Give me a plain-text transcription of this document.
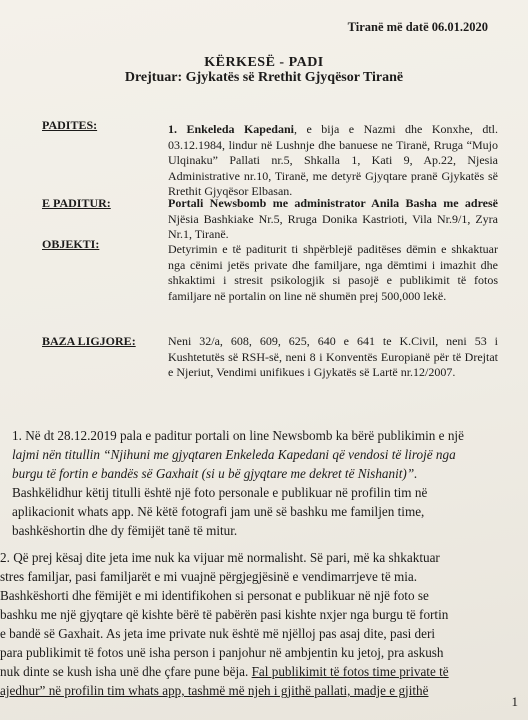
Tiranë më datë 06.01.2020
KËRKESË - PADI
Drejtuar: Gjykatës së Rrethit Gjyqësor Tiranë
PADITES:	1. Enkeleda Kapedani, e bija e Nazmi dhe Konxhe, dtl. 03.12.1984, lindur në Lushnje dhe banuese ne Tiranë, Rruga “Mujo Ulqinaku” Pallati nr.5, Shkalla 1, Kati 9, Ap.22, Njesia Administrative nr.10, Tiranë, me detyrë Gjyqtare pranë Gjykatës së Rrethit Gjyqësor Elbasan.
E PADITUR:	Portali Newsbomb me administrator Anila Basha me adresë Njësia Bashkiake Nr.5, Rruga Donika Kastrioti, Vila Nr.9/1, Zyra Nr.1, Tiranë.
OBJEKTI:	Detyrimin e të paditurit ti shpërblejë paditëses dëmin e shkaktuar nga cënimi jetës private dhe familjare, nga dëmtimi i imazhit dhe shkaktimi i stresit psikologjik si pasojë e publikimit të fotos familjare në portalin on line në shumën prej 500,000 lekë.
BAZA LIGJORE:	Neni 32/a, 608, 609, 625, 640 e 641 te K.Civil, neni 53 i Kushtetutës së RSH-së, neni 8 i Konventës Europianë për të Drejtat e Njeriut, Vendimi unifikues i Gjykatës së Lartë nr.12/2007.
1. Në dt 28.12.2019 pala e paditur portali on line Newsbomb ka bërë publikimin e një
lajmi nën titullin “Njihuni me gjyqtaren Enkeleda Kapedani që vendosi të lirojë nga
burgu të fortin e bandës së Gaxhait (si u bë gjyqtare me dekret të Nishanit)”.
Bashkëlidhur këtij titulli është një foto personale e publikuar në profilin tim në
aplikacionit whats app. Në këtë fotografi jam unë së bashku me familjen time,
bashkëshortin dhe dy fëmijët tanë të mitur.
2. Që prej kësaj dite jeta ime nuk ka vijuar më normalisht. Së pari, më ka shkaktuar
stres familjar, pasi familjarët e mi vuajnë përgjegjësinë e vendimarrjeve të mia.
Bashkëshorti dhe fëmijët e mi identifikohen si personat e publikuar në një foto se
bashku me një gjyqtare që kishte bërë të pabërën pasi kishte nxjer nga burgu të fortin
e bandë së Gaxhait. As jeta ime private nuk është më njëlloj pas asaj dite, pasi deri
para publikimit të fotos unë isha person i panjohur në ambjentin ku jetoj, pra askush
nuk dinte se kush isha unë dhe çfare pune bëja. Fal publikimit të fotos time private të
ajedhur” në profilin tim whats app, tashmë më njeh i gjithë pallati, madje e gjithë
1
